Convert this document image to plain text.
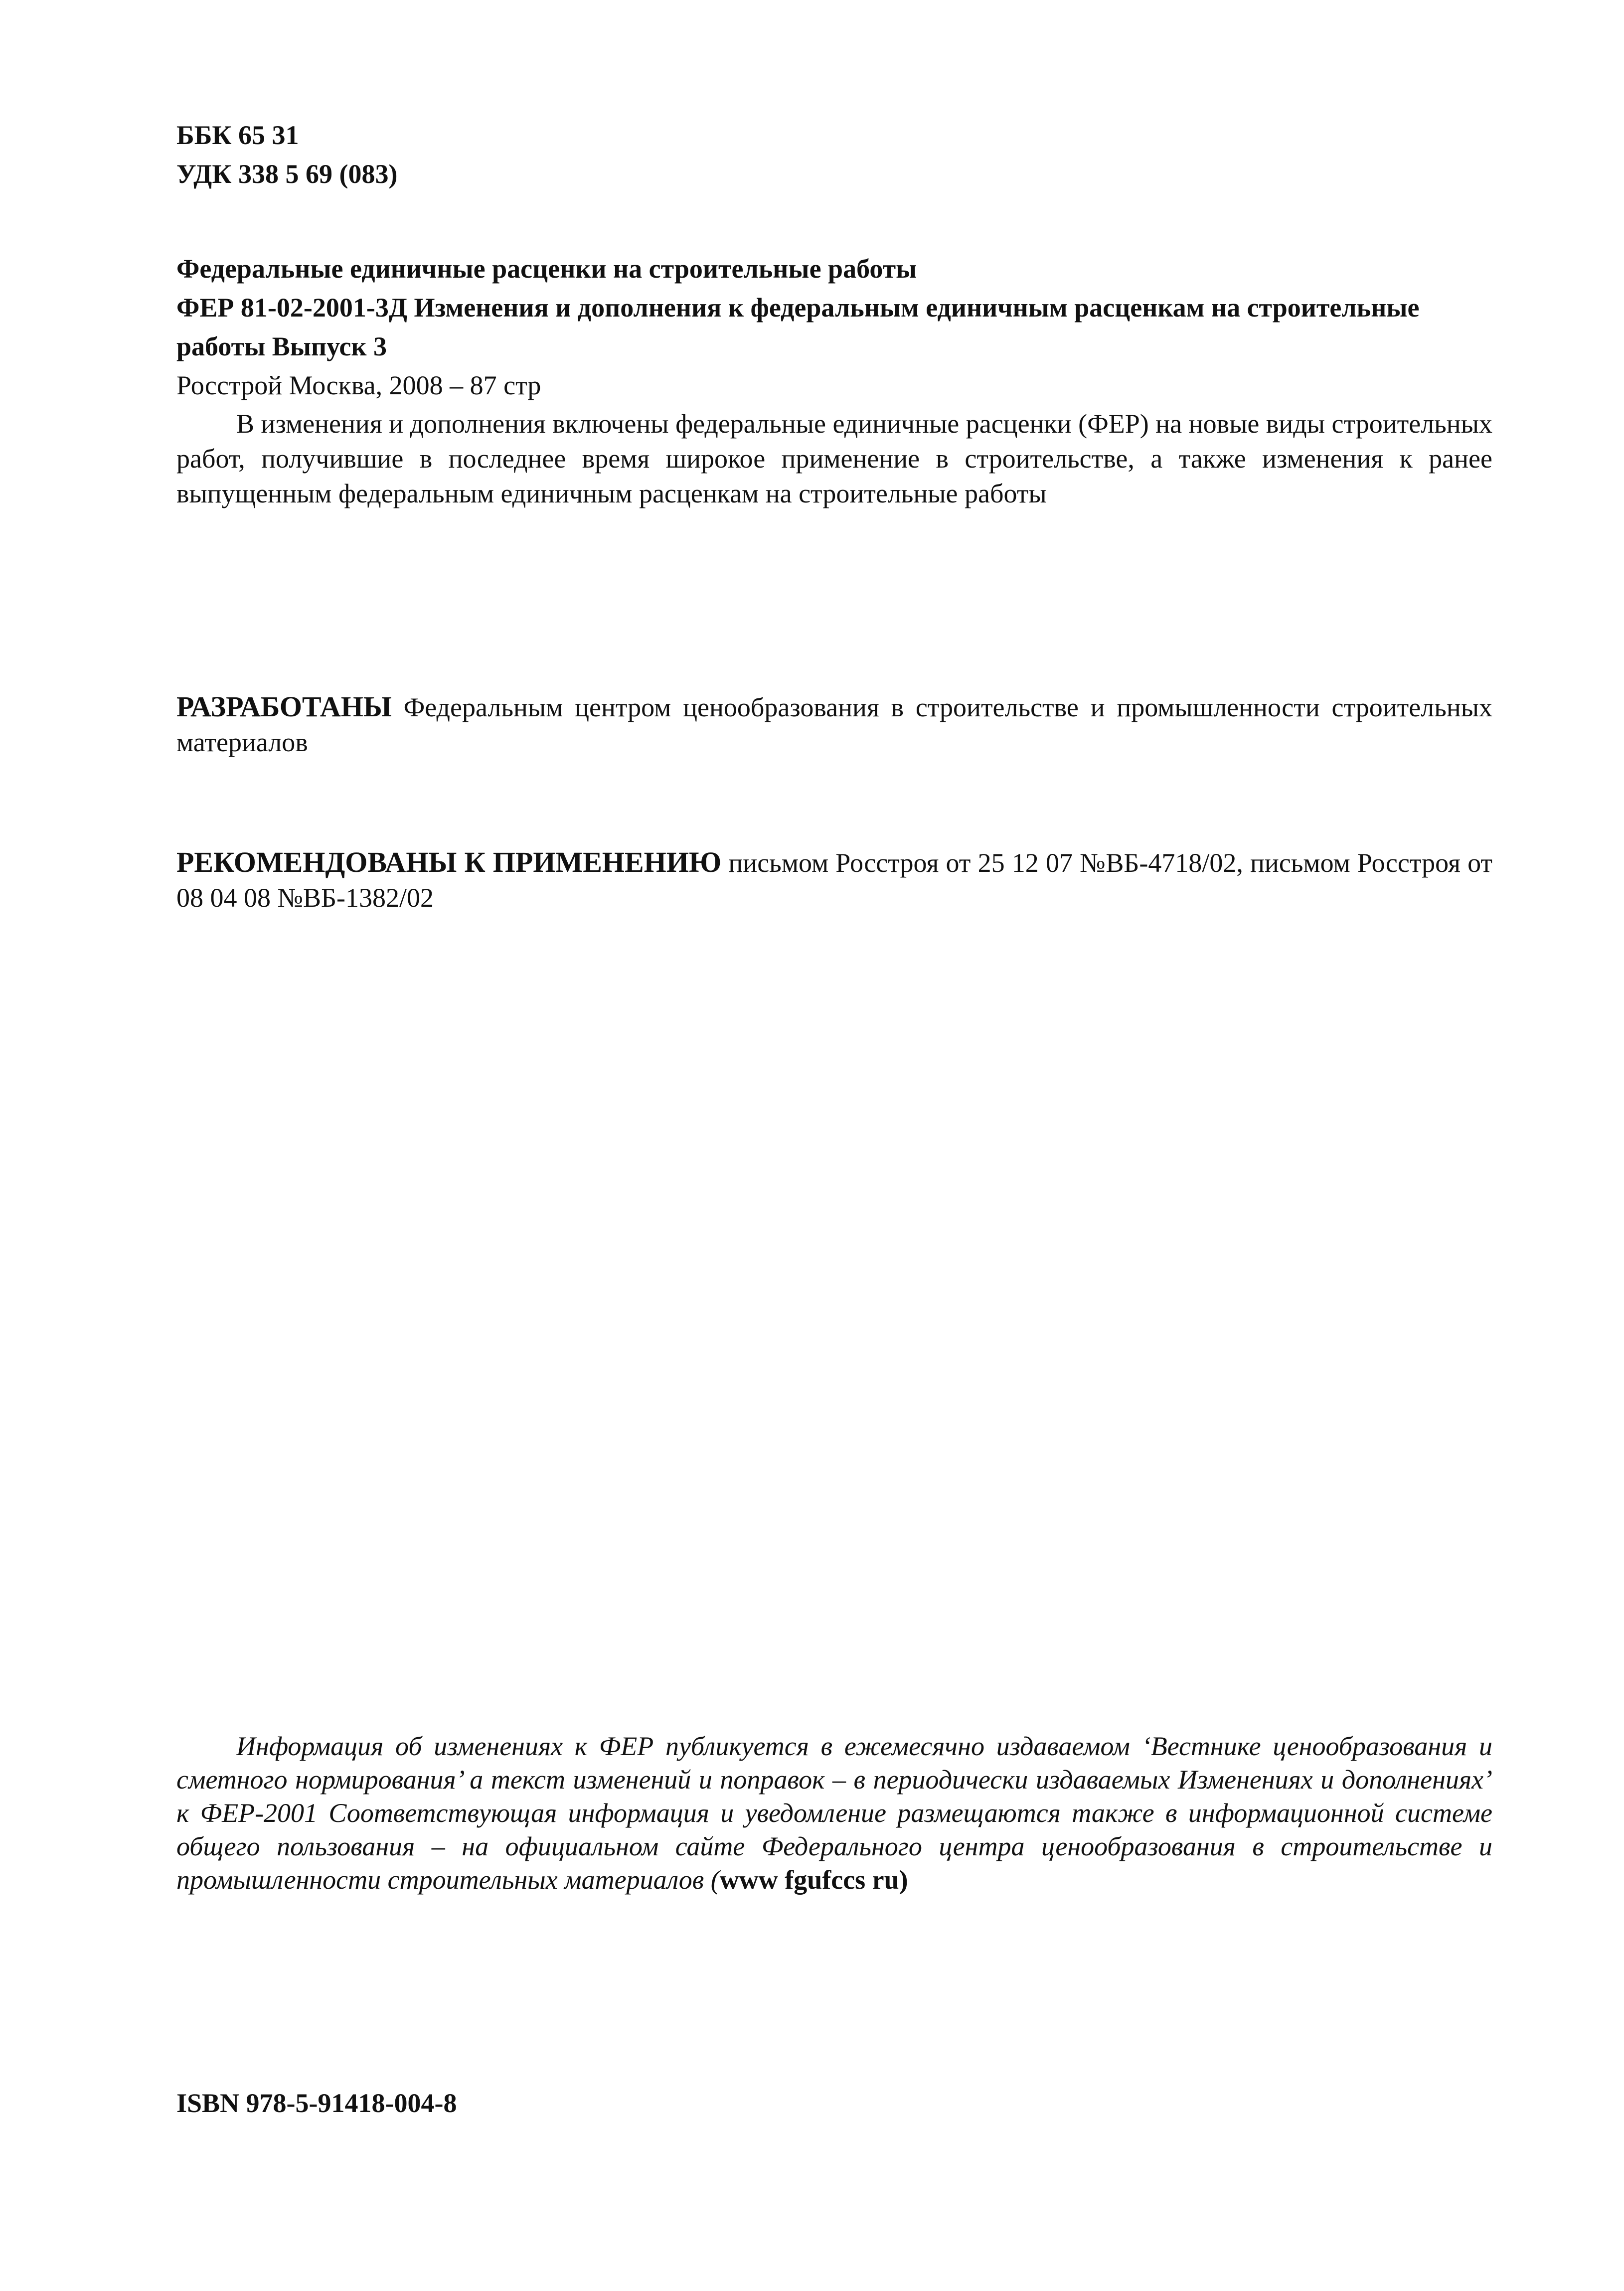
ББК 65 31
УДК 338 5 69 (083)
Федеральные единичные расценки на строительные работы
ФЕР 81-02-2001-3Д Изменения и дополнения к федеральным единичным расценкам на строительные
работы Выпуск 3
Росстрой Москва, 2008 – 87 стр
В изменения и дополнения включены федеральные единичные расценки (ФЕР) на новые виды строительных работ, получившие в последнее время широкое применение в строительстве, а также изменения к ранее выпущенным федеральным единичным расценкам на строительные работы
РАЗРАБОТАНЫ Федеральным центром ценообразования в строительстве и промышленности строительных материалов
РЕКОМЕНДОВАНЫ К ПРИМЕНЕНИЮ письмом Росстроя от 25 12 07 №ВБ-4718/02, письмом Росстроя от 08 04 08 №ВБ-1382/02
Информация об изменениях к ФЕР публикуется в ежемесячно издаваемом ‘Вестнике ценообразования и сметного нормирования’ а текст изменений и поправок – в периодически издаваемых Изменениях и дополнениях’ к ФЕР-2001 Соответствующая информация и уведомление размещаются также в информационной системе общего пользования – на официальном сайте Федерального центра ценообразования в строительстве и промышленности строительных материалов (www fgufccs ru)
ISBN 978-5-91418-004-8
